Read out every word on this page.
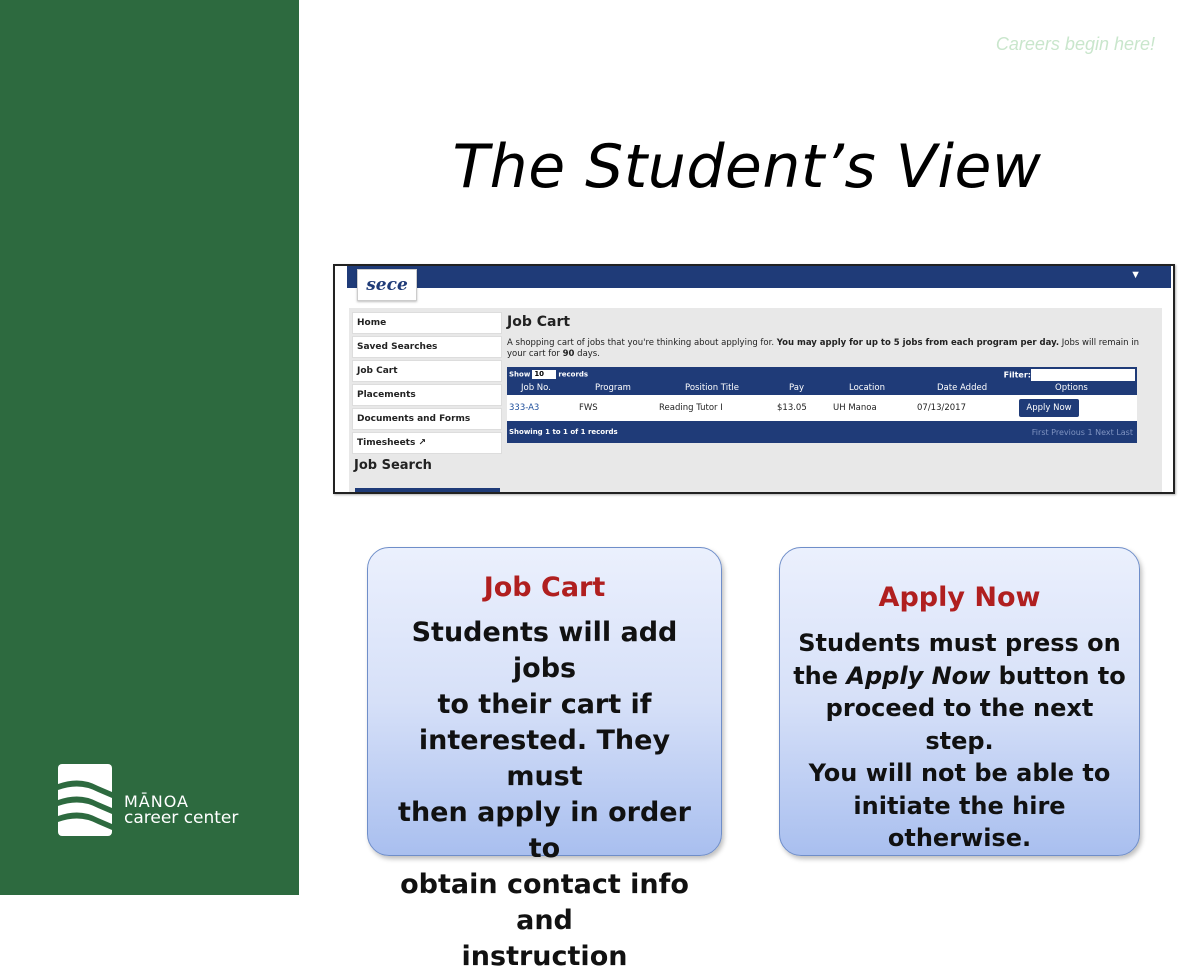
MĀNOA
career center
Careers begin here!
The Student’s View
▼
sece
Home
Saved Searches
Job Cart
Placements
Documents and Forms
Timesheets ↗
Job Search
Job Cart
A shopping cart of jobs that you're thinking about applying for. You may apply for up to 5 jobs from each program per day. Jobs will remain in your cart for 90 days.
Show 10 records	Filter:
Job No.	Program	Position Title	Pay	Location	Date Added	Options
333-A3	FWS	Reading Tutor I	$13.05	UH Manoa	07/13/2017	Apply Now
Showing 1 to 1 of 1 records	First Previous 1 Next Last
Job Cart
Students will add jobs
to their cart if
interested. They must
then apply in order to
obtain contact info and
instruction
Apply Now
Students must press on
the Apply Now button to
proceed to the next step.
You will not be able to
initiate the hire
otherwise.
